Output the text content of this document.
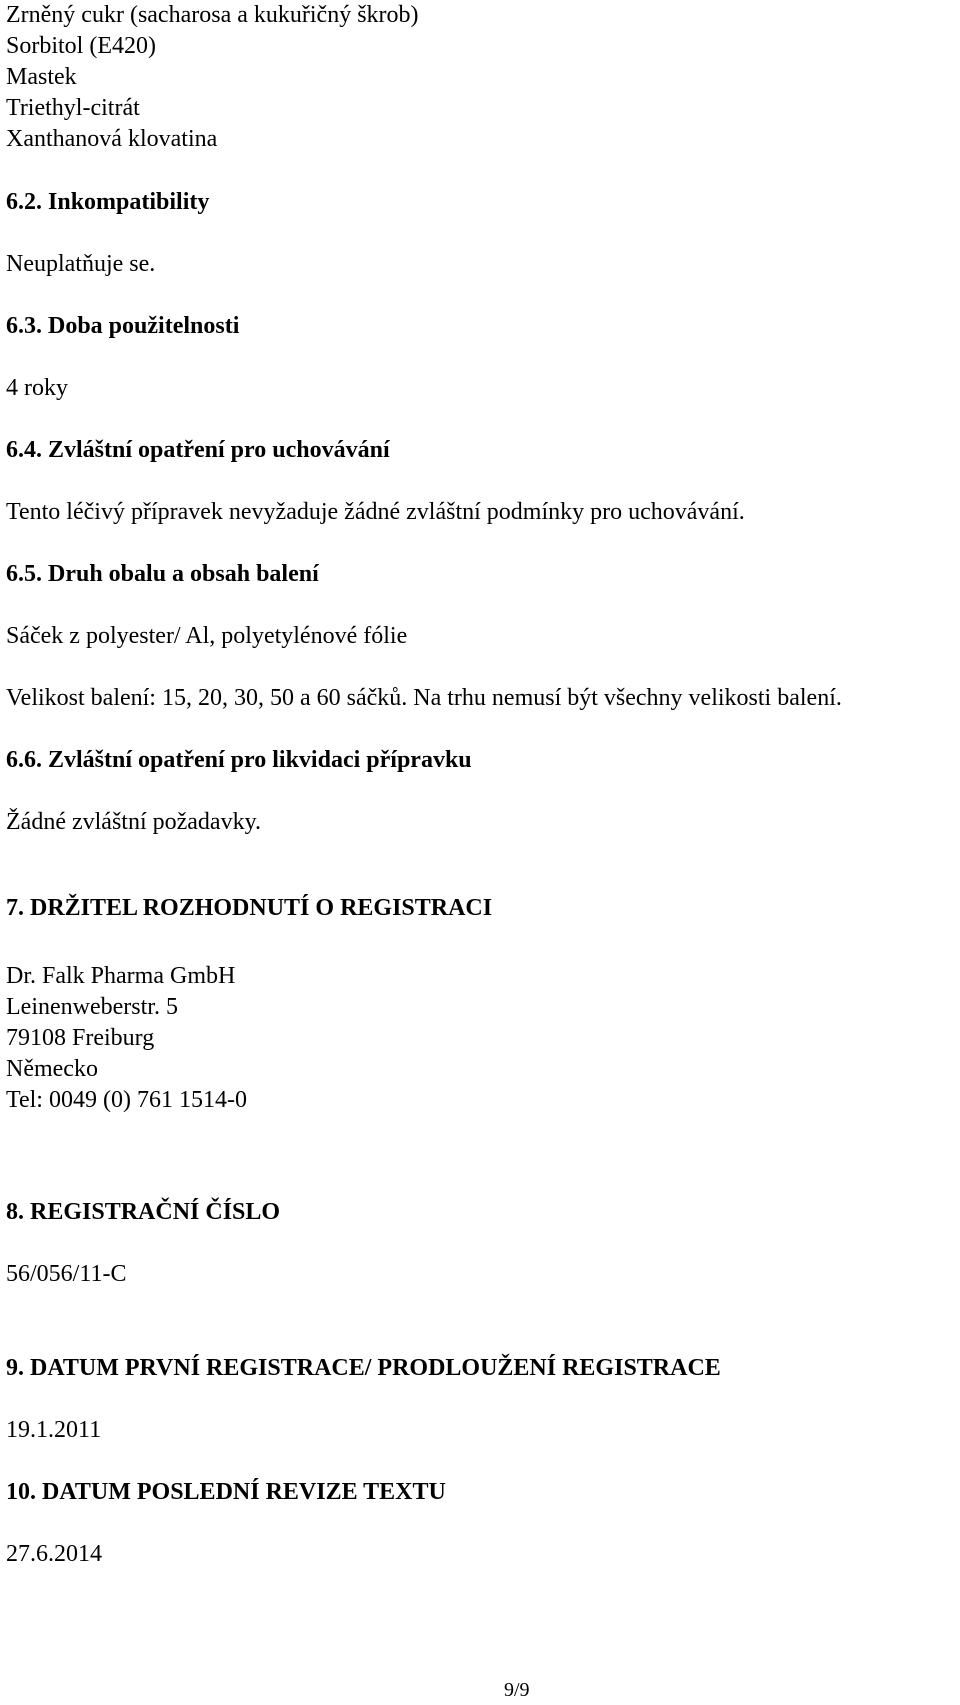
Zrněný cukr (sacharosa a kukuřičný škrob)

Sorbitol (E420)

Mastek

Triethyl-citrát

Xanthanová klovatina

6.2. Inkompatibility

Neuplatňuje se.

6.3. Doba použitelnosti

4 roky

6.4. Zvláštní opatření pro uchovávání

Tento léčivý přípravek nevyžaduje žádné zvláštní podmínky pro uchovávání.

6.5. Druh obalu a obsah balení

Sáček z polyester/ Al, polyetylénové fólie

Velikost balení: 15, 20, 30, 50 a 60 sáčků. Na trhu nemusí být všechny velikosti balení.

6.6. Zvláštní opatření pro likvidaci přípravku

Žádné zvláštní požadavky.

7. DRŽITEL ROZHODNUTÍ O REGISTRACI

Dr. Falk Pharma GmbH

Leinenweberstr. 5

79108 Freiburg

Německo

Tel: 0049 (0) 761 1514-0

8. REGISTRAČNÍ ČÍSLO

56/056/11-C

9. DATUM PRVNÍ REGISTRACE/ PRODLOUŽENÍ REGISTRACE

19.1.2011

10. DATUM POSLEDNÍ REVIZE TEXTU

27.6.2014

9/9
